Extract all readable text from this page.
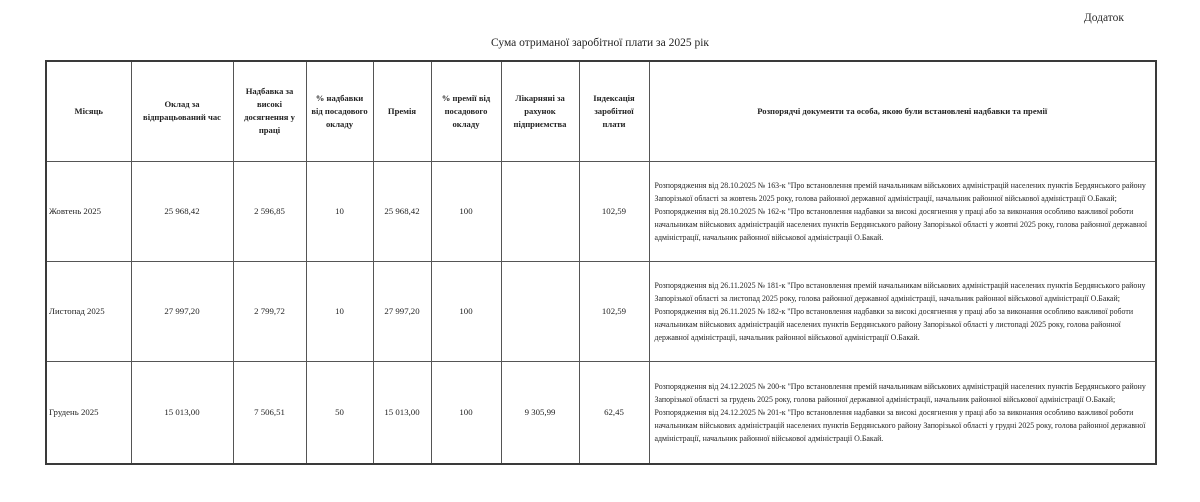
Додаток
Сума отриманої заробітної плати за 2025 рік
Місяць	Оклад за відпрацьований час	Надбавка за високі досягнення у праці	% надбавки від посадового окладу	Премія	% премії від посадового окладу	Лікарняні за рахунок підприємства	Індексація заробітної плати	Розпорядчі документи та особа, якою були встановлені надбавки та премії
Жовтень 2025	25 968,42	2 596,85	10	25 968,42	100		102,59	Розпорядження від 28.10.2025 № 163-к "Про встановлення премій начальникам військових адміністрацій населених пунктів Бердянського району Запорізької області за жовтень 2025 року, голова районної державної адміністрації, начальник районної військової адміністрації О.Бакай; Розпорядження від 28.10.2025 № 162-к "Про встановлення надбавки за високі досягнення у праці або за виконання особливо важливої роботи начальникам військових адміністрацій населених пунктів Бердянського району Запорізької області у жовтні 2025 року, голова районної державної адміністрації, начальник районної військової адміністрації О.Бакай.
Листопад 2025	27 997,20	2 799,72	10	27 997,20	100		102,59	Розпорядження від 26.11.2025 № 181-к "Про встановлення премій начальникам військових адміністрацій населених пунктів Бердянського району Запорізької області за листопад 2025 року, голова районної державної адміністрації, начальник районної військової адміністрації О.Бакай; Розпорядження від 26.11.2025 № 182-к "Про встановлення надбавки за високі досягнення у праці або за виконання особливо важливої роботи начальникам військових адміністрацій населених пунктів Бердянського району Запорізької області у листопаді 2025 року, голова районної державної адміністрації, начальник районної військової адміністрації О.Бакай.
Грудень 2025	15 013,00	7 506,51	50	15 013,00	100	9 305,99	62,45	Розпорядження від 24.12.2025 № 200-к "Про встановлення премій начальникам військових адміністрацій населених пунктів Бердянського району Запорізької області за грудень 2025 року, голова районної державної адміністрації, начальник районної військової адміністрації О.Бакай; Розпорядження від 24.12.2025 № 201-к "Про встановлення надбавки за високі досягнення у праці або за виконання особливо важливої роботи начальникам військових адміністрацій населених пунктів Бердянського району Запорізької області у грудні 2025 року, голова районної державної адміністрації, начальник районної військової адміністрації О.Бакай.
